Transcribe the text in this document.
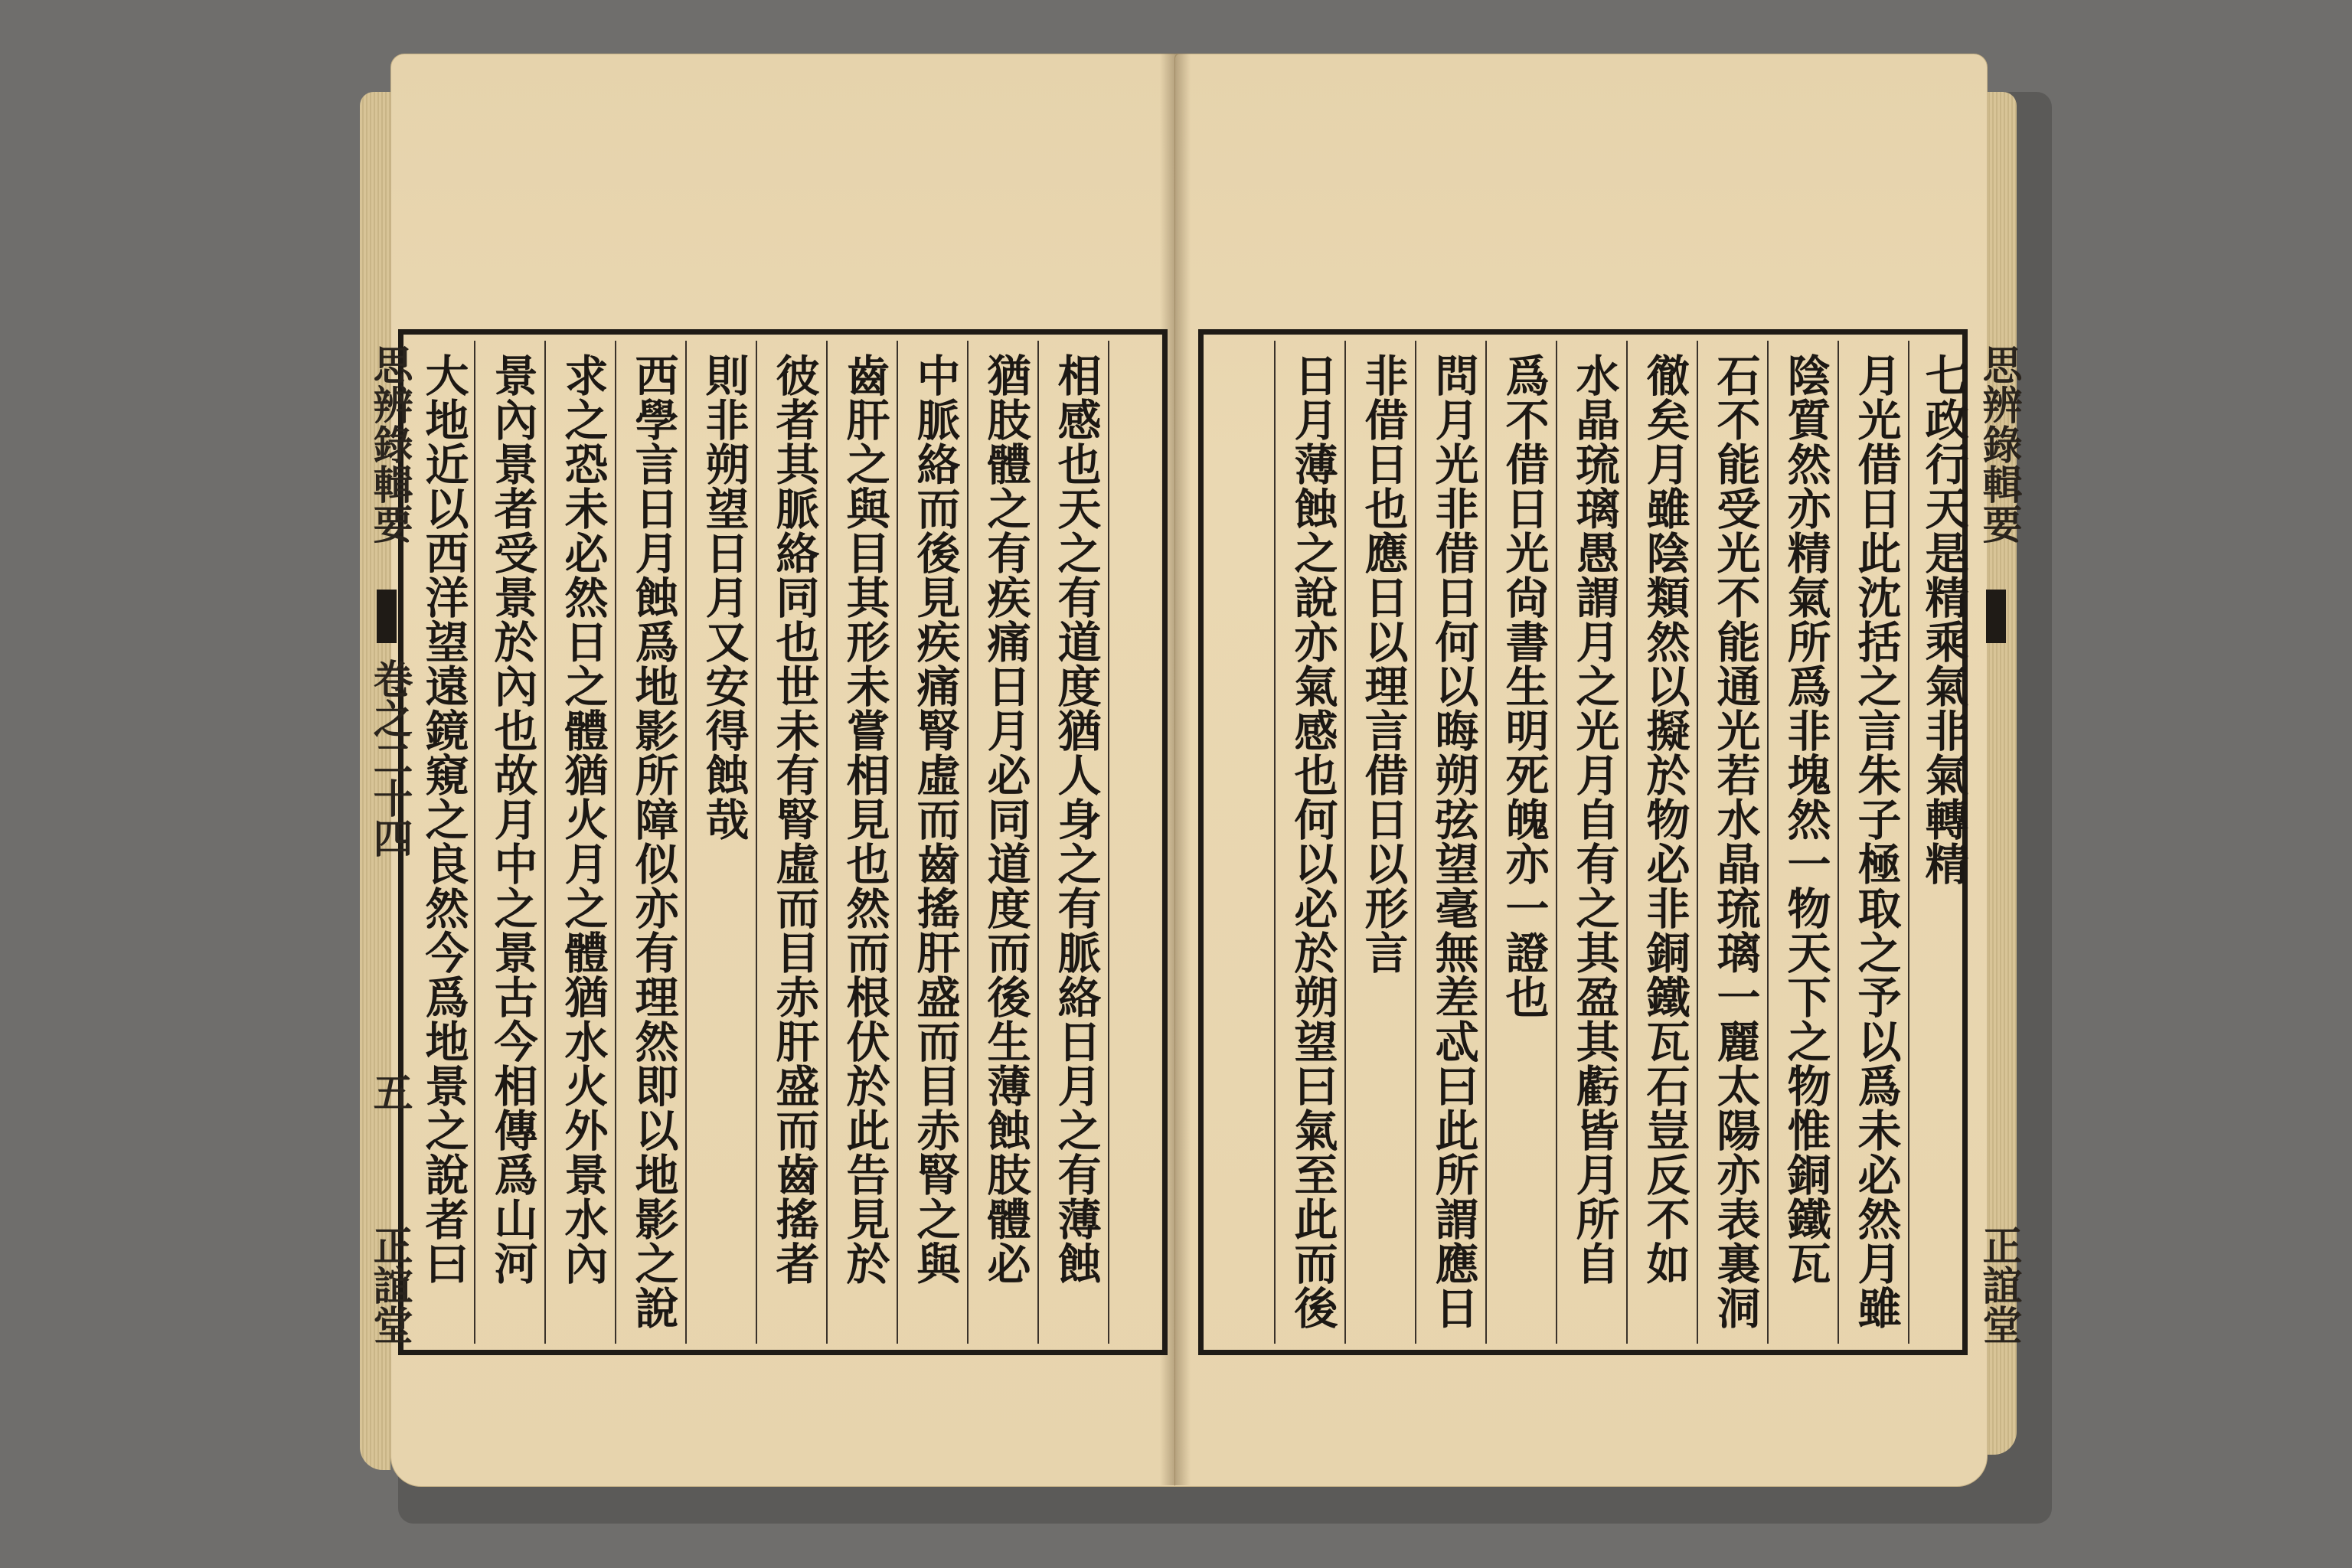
相感也天之有道度猶人身之有脈絡日月之有薄蝕
猶肢體之有疾痛日月必同道度而後生薄蝕肢體必
中脈絡而後見疾痛腎虛而齒搖肝盛而目赤腎之與
齒肝之與目其形未嘗相見也然而根伏於此告見於
彼者其脈絡同也世未有腎虛而目赤肝盛而齒搖者
則非朔望日月又安得蝕哉
西學言日月蝕爲地影所障似亦有理然即以地影之說
求之恐未必然日之體猶火月之體猶水火外景水內
景內景者受景於內也故月中之景古今相傳爲山河
大地近以西洋望遠鏡窺之良然今爲地景之說者曰
思辨錄輯要
卷之二十四
五
正誼堂
七政行天是精乘氣非氣轉精
月光借日此沈括之言朱子極取之予以爲未必然月雖
陰質然亦精氣所爲非塊然一物天下之物惟銅鐵瓦
石不能受光不能通光若水晶琉璃一麗太陽亦表裏洞
徹矣月雖陰類然以擬於物必非銅鐵瓦石豈反不如
水晶琉璃愚謂月之光月自有之其盈其虧皆月所自
爲不借日光尙書生明死魄亦一證也
問月光非借日何以晦朔弦望毫無差忒曰此所謂應日
非借日也應日以理言借日以形言
日月薄蝕之說亦氣感也何以必於朔望曰氣至此而後	思辨錄輯要
正誼堂
